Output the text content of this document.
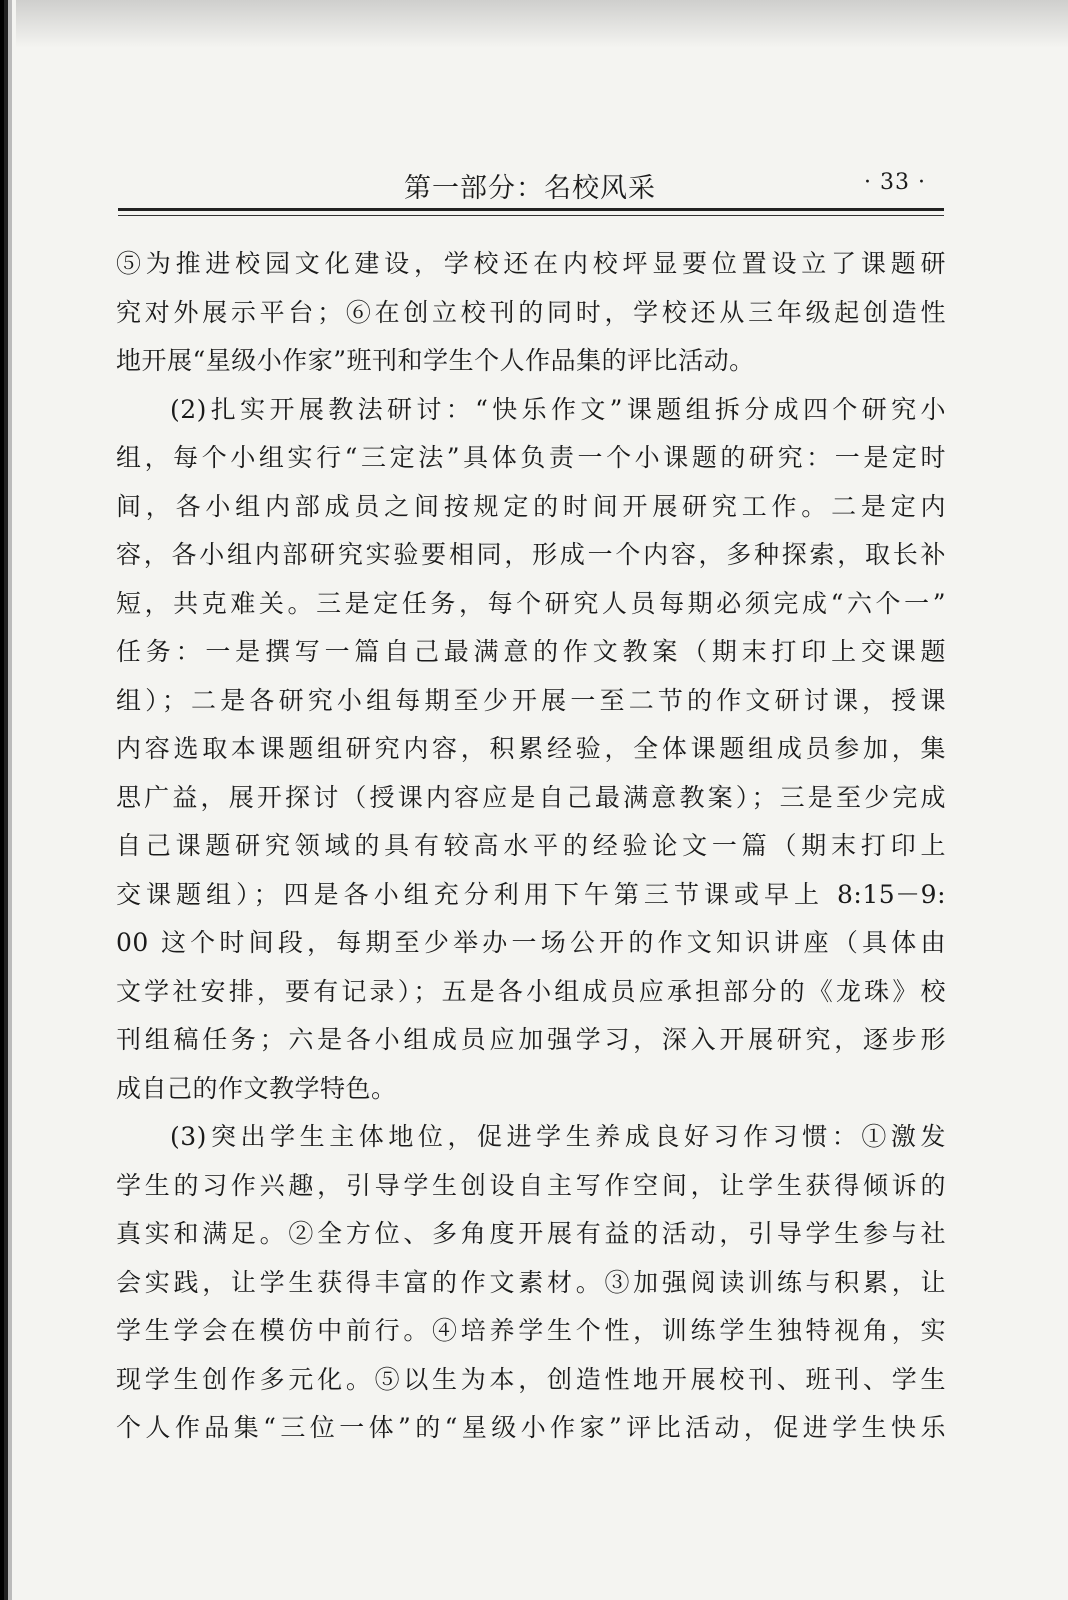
第一部分：名校风采	· 33 ·
⑤为推进校园文化建设，学校还在内校坪显要位置设立了课题研
究对外展示平台；⑥在创立校刊的同时，学校还从三年级起创造性
地开展“星级小作家”班刊和学生个人作品集的评比活动。
(2)扎实开展教法研讨：“快乐作文”课题组拆分成四个研究小
组，每个小组实行“三定法”具体负责一个小课题的研究：一是定时
间，各小组内部成员之间按规定的时间开展研究工作。二是定内
容，各小组内部研究实验要相同，形成一个内容，多种探索，取长补
短，共克难关。三是定任务，每个研究人员每期必须完成“六个一”
任务：一是撰写一篇自己最满意的作文教案（期末打印上交课题
组）；二是各研究小组每期至少开展一至二节的作文研讨课，授课
内容选取本课题组研究内容，积累经验，全体课题组成员参加，集
思广益，展开探讨（授课内容应是自己最满意教案）；三是至少完成
自己课题研究领域的具有较高水平的经验论文一篇（期末打印上
交课题组）；四是各小组充分利用下午第三节课或早上 8:15－9:
00 这个时间段，每期至少举办一场公开的作文知识讲座（具体由
文学社安排，要有记录）；五是各小组成员应承担部分的《龙珠》校
刊组稿任务；六是各小组成员应加强学习，深入开展研究，逐步形
成自己的作文教学特色。
(3)突出学生主体地位，促进学生养成良好习作习惯：①激发
学生的习作兴趣，引导学生创设自主写作空间，让学生获得倾诉的
真实和满足。②全方位、多角度开展有益的活动，引导学生参与社
会实践，让学生获得丰富的作文素材。③加强阅读训练与积累，让
学生学会在模仿中前行。④培养学生个性，训练学生独特视角，实
现学生创作多元化。⑤以生为本，创造性地开展校刊、班刊、学生
个人作品集“三位一体”的“星级小作家”评比活动，促进学生快乐
